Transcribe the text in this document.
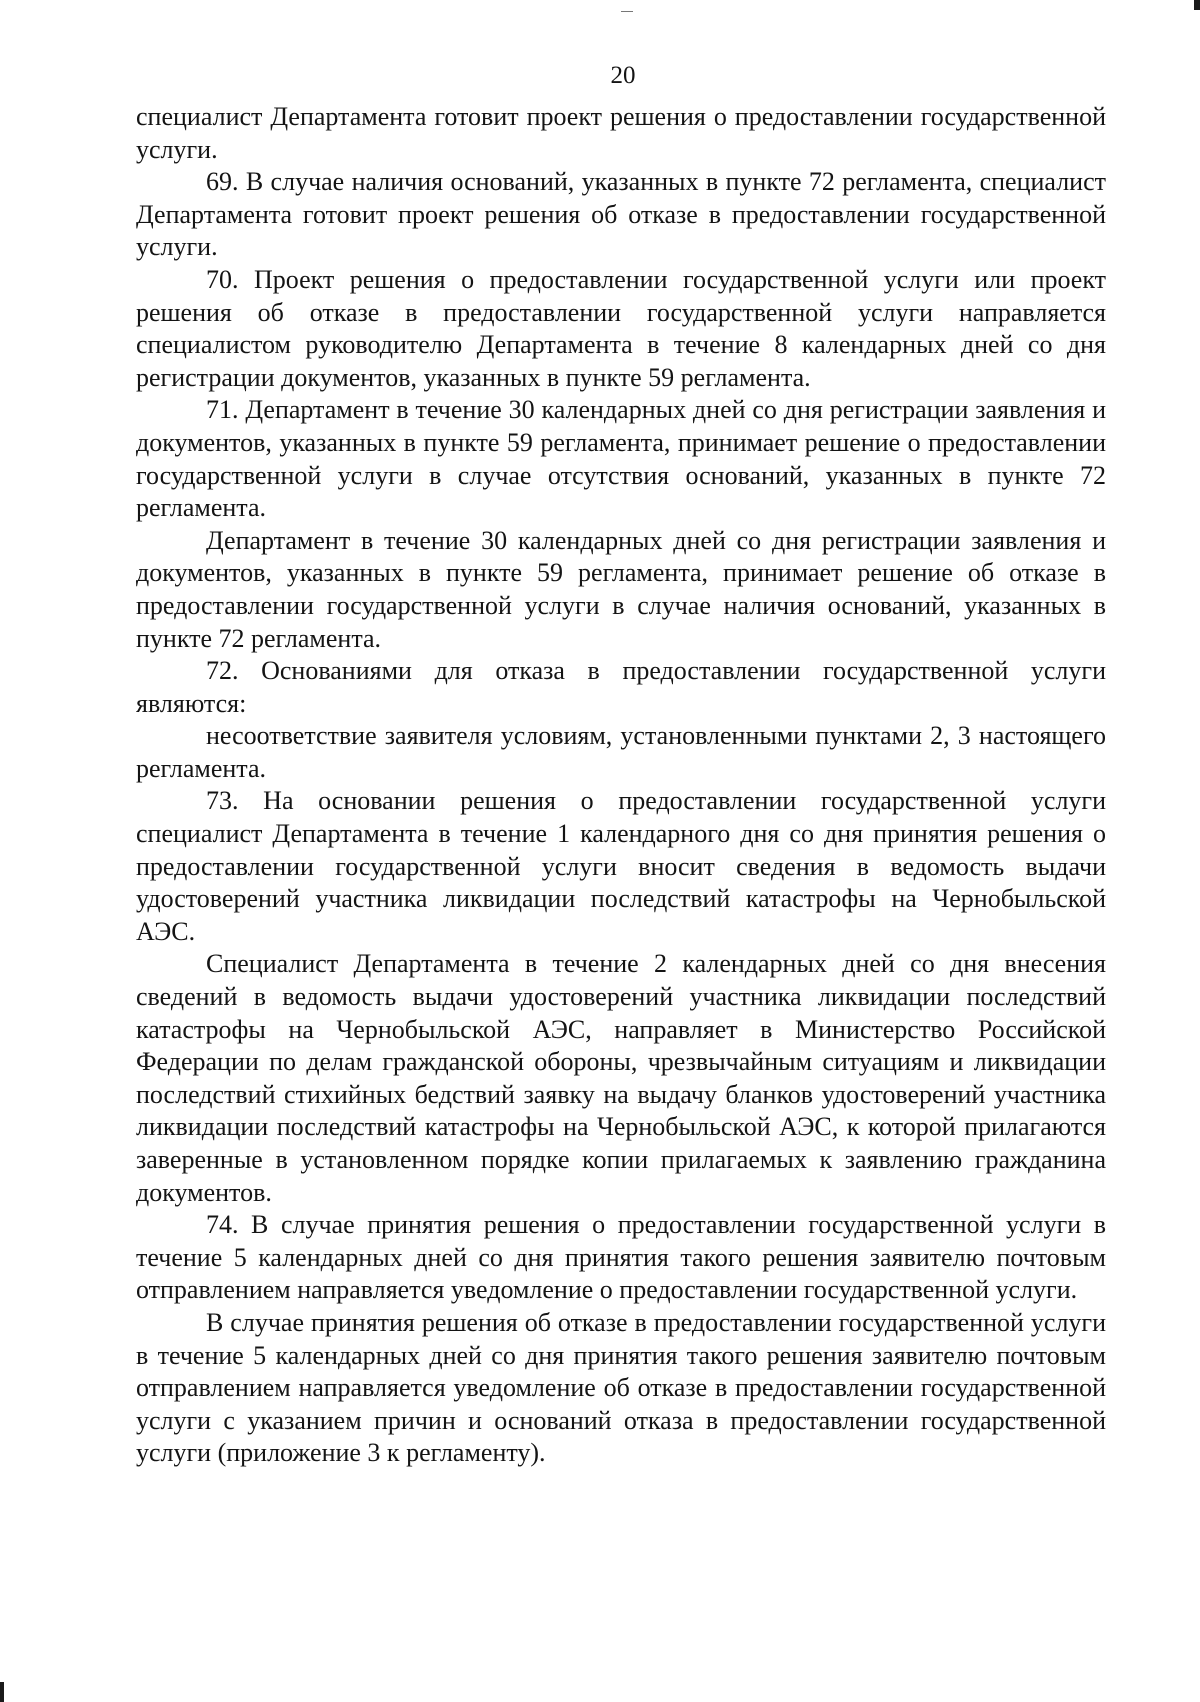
20

специалист Департамента готовит проект решения о предоставлении государственной услуги.

69. В случае наличия оснований, указанных в пункте 72 регламента, специалист Департамента готовит проект решения об отказе в предоставлении государственной услуги.

70. Проект решения о предоставлении государственной услуги или проект решения об отказе в предоставлении государственной услуги направляется специалистом руководителю Департамента в течение 8 календарных дней со дня регистрации документов, указанных в пункте 59 регламента.

71. Департамент в течение 30 календарных дней со дня регистрации заявления и документов, указанных в пункте 59 регламента, принимает решение о предоставлении государственной услуги в случае отсутствия оснований, указанных в пункте 72 регламента.

Департамент в течение 30 календарных дней со дня регистрации заявления и документов, указанных в пункте 59 регламента, принимает решение об отказе в предоставлении государственной услуги в случае наличия оснований, указанных в пункте 72 регламента.

72. Основаниями для отказа в предоставлении государственной услуги являются:

несоответствие заявителя условиям, установленными пунктами 2, 3 настоящего регламента.

73. На основании решения о предоставлении государственной услуги специалист Департамента в течение 1 календарного дня со дня принятия решения о предоставлении государственной услуги вносит сведения в ведомость выдачи удостоверений участника ликвидации последствий катастрофы на Чернобыльской АЭС.

Специалист Департамента в течение 2 календарных дней со дня внесения сведений в ведомость выдачи удостоверений участника ликвидации последствий катастрофы на Чернобыльской АЭС, направляет в Министерство Российской Федерации по делам гражданской обороны, чрезвычайным ситуациям и ликвидации последствий стихийных бедствий заявку на выдачу бланков удостоверений участника ликвидации последствий катастрофы на Чернобыльской АЭС, к которой прилагаются заверенные в установленном порядке копии прилагаемых к заявлению гражданина документов.

74. В случае принятия решения о предоставлении государственной услуги в течение 5 календарных дней со дня принятия такого решения заявителю почтовым отправлением направляется уведомление о предоставлении государственной услуги.

В случае принятия решения об отказе в предоставлении государственной услуги в течение 5 календарных дней со дня принятия такого решения заявителю почтовым отправлением направляется уведомление об отказе в предоставлении государственной услуги с указанием причин и оснований отказа в предоставлении государственной услуги (приложение 3 к регламенту).
